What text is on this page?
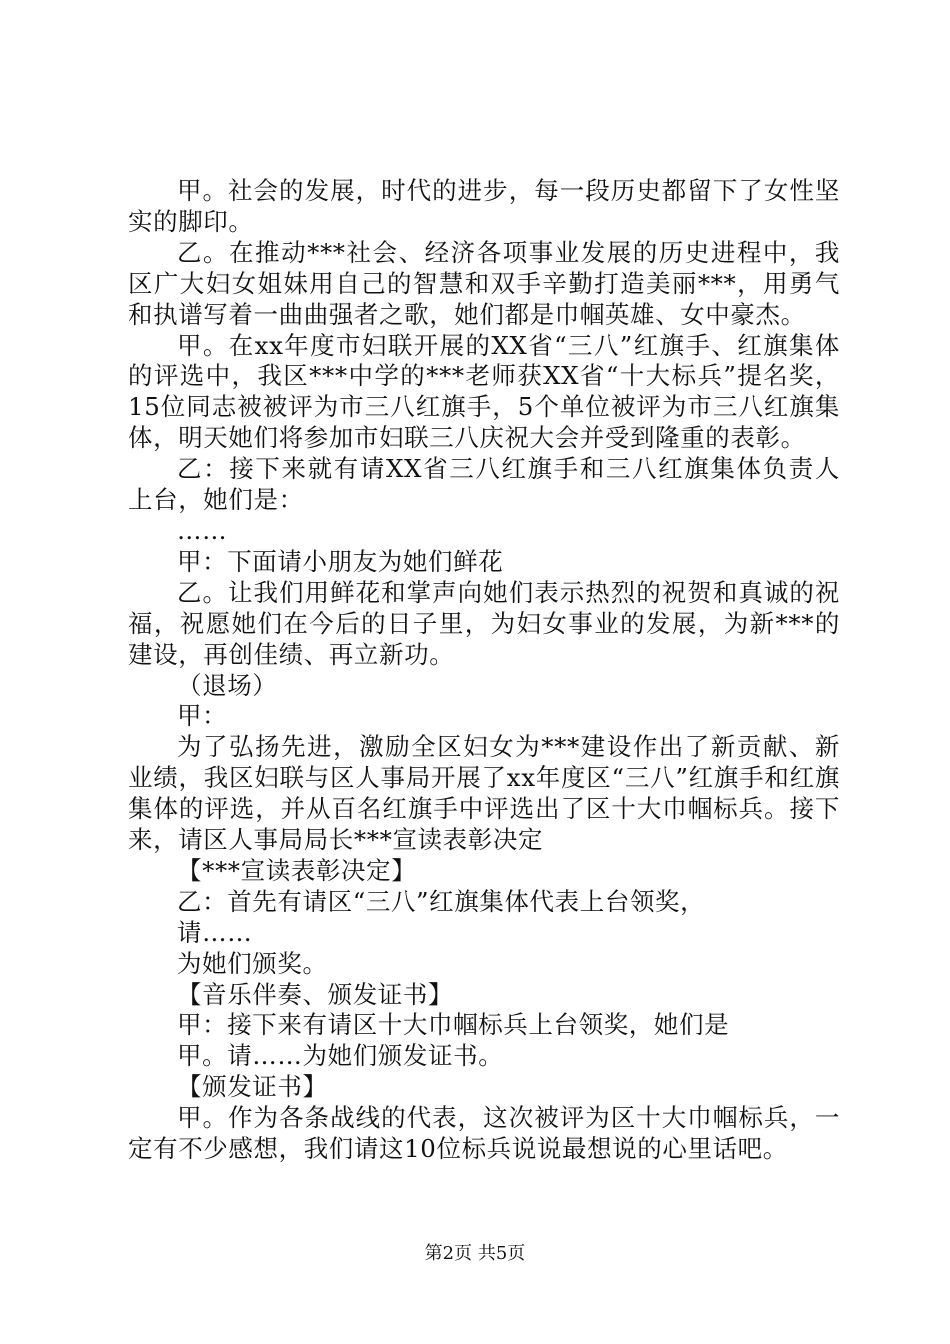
甲。社会的发展，时代的进步，每一段历史都留下了女性坚实的脚印。

乙。在推动***社会、经济各项事业发展的历史进程中，我区广大妇女姐妹用自己的智慧和双手辛勤打造美丽***，用勇气和执谱写着一曲曲强者之歌，她们都是巾帼英雄、女中豪杰。

甲。在xx年度市妇联开展的XX省“三八”红旗手、红旗集体的评选中，我区***中学的***老师获XX省“十大标兵”提名奖，15位同志被被评为市三八红旗手，5个单位被评为市三八红旗集体，明天她们将参加市妇联三八庆祝大会并受到隆重的表彰。

乙：接下来就有请XX省三八红旗手和三八红旗集体负责人上台，她们是：

……

甲：下面请小朋友为她们鲜花

乙。让我们用鲜花和掌声向她们表示热烈的祝贺和真诚的祝福，祝愿她们在今后的日子里，为妇女事业的发展，为新***的建设，再创佳绩、再立新功。

（退场）

甲：

为了弘扬先进，激励全区妇女为***建设作出了新贡献、新业绩，我区妇联与区人事局开展了xx年度区“三八”红旗手和红旗集体的评选，并从百名红旗手中评选出了区十大巾帼标兵。接下来，请区人事局局长***宣读表彰决定

【***宣读表彰决定】

乙：首先有请区“三八”红旗集体代表上台领奖，

请……

为她们颁奖。

【音乐伴奏、颁发证书】

甲：接下来有请区十大巾帼标兵上台领奖，她们是

甲。请……为她们颁发证书。

【颁发证书】

甲。作为各条战线的代表，这次被评为区十大巾帼标兵，一定有不少感想，我们请这10位标兵说说最想说的心里话吧。

第2页 共5页
